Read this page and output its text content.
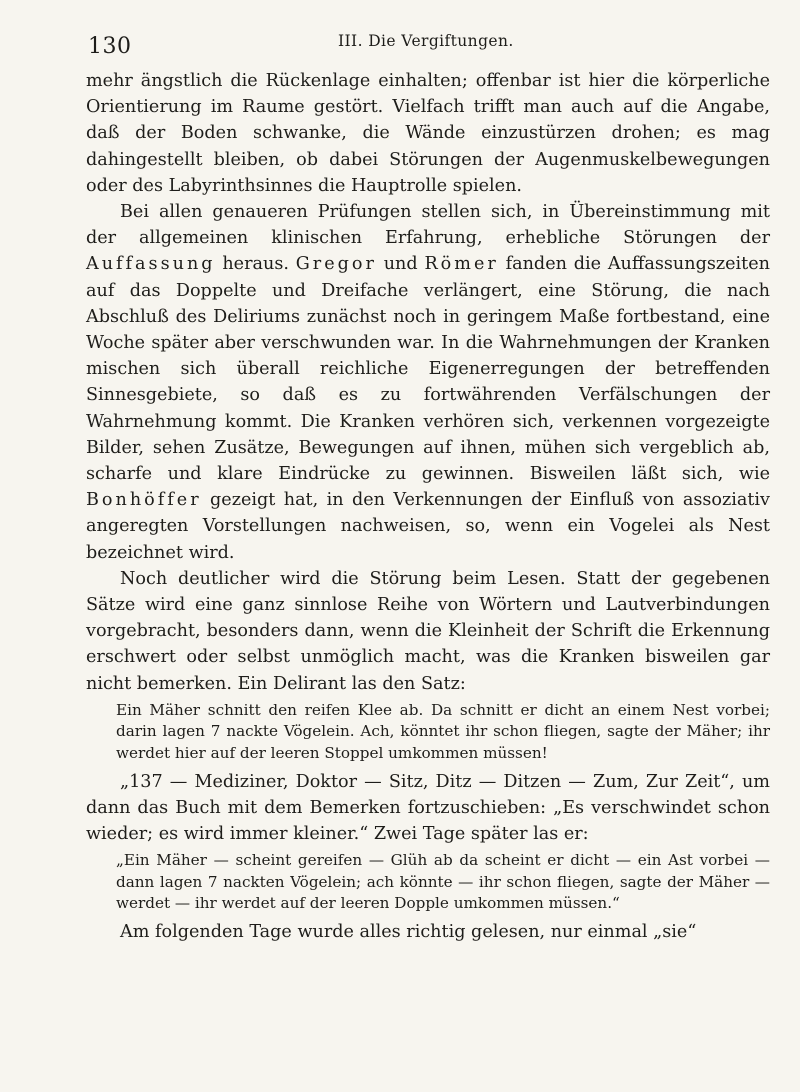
130	III. Die Vergiftungen.

mehr ängstlich die Rückenlage einhalten; offenbar ist hier die körperliche Orientierung im Raume gestört. Vielfach trifft man auch auf die Angabe, daß der Boden schwanke, die Wände einzustürzen drohen; es mag dahingestellt bleiben, ob dabei Störungen der Augenmuskelbewegungen oder des Labyrinthsinnes die Hauptrolle spielen.

Bei allen genaueren Prüfungen stellen sich, in Übereinstimmung mit der allgemeinen klinischen Erfahrung, erhebliche Störungen der Auffassung heraus. Gregor und Römer fanden die Auffassungszeiten auf das Doppelte und Dreifache verlängert, eine Störung, die nach Abschluß des Deliriums zunächst noch in geringem Maße fortbestand, eine Woche später aber verschwunden war. In die Wahrnehmungen der Kranken mischen sich überall reichliche Eigenerregungen der betreffenden Sinnesgebiete, so daß es zu fortwährenden Verfälschungen der Wahrnehmung kommt. Die Kranken verhören sich, verkennen vorgezeigte Bilder, sehen Zusätze, Bewegungen auf ihnen, mühen sich vergeblich ab, scharfe und klare Eindrücke zu gewinnen. Bisweilen läßt sich, wie Bonhöffer gezeigt hat, in den Verkennungen der Einfluß von assoziativ angeregten Vorstellungen nachweisen, so, wenn ein Vogelei als Nest bezeichnet wird.

Noch deutlicher wird die Störung beim Lesen. Statt der gegebenen Sätze wird eine ganz sinnlose Reihe von Wörtern und Lautverbindungen vorgebracht, besonders dann, wenn die Kleinheit der Schrift die Erkennung erschwert oder selbst unmöglich macht, was die Kranken bisweilen gar nicht bemerken. Ein Delirant las den Satz:

Ein Mäher schnitt den reifen Klee ab. Da schnitt er dicht an einem Nest vorbei; darin lagen 7 nackte Vögelein. Ach, könntet ihr schon fliegen, sagte der Mäher; ihr werdet hier auf der leeren Stoppel umkommen müssen!

„137 — Mediziner, Doktor — Sitz, Ditz — Ditzen — Zum, Zur Zeit“, um dann das Buch mit dem Bemerken fortzuschieben: „Es verschwindet schon wieder; es wird immer kleiner.“ Zwei Tage später las er:

„Ein Mäher — scheint gereifen — Glüh ab da scheint er dicht — ein Ast vorbei — dann lagen 7 nackten Vögelein; ach könnte — ihr schon fliegen, sagte der Mäher — werdet — ihr werdet auf der leeren Dopple umkommen müssen.“

Am folgenden Tage wurde alles richtig gelesen, nur einmal „sie“
